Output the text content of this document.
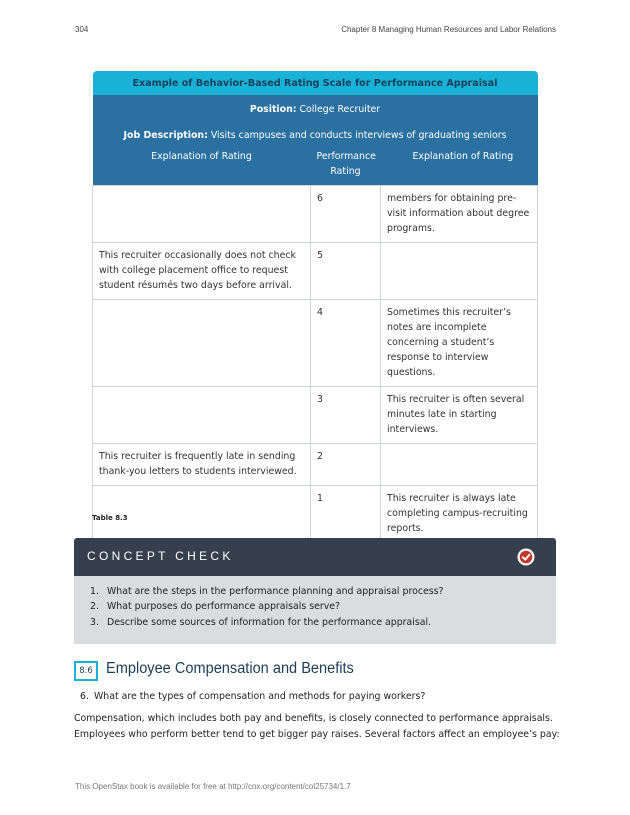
304	Chapter 8 Managing Human Resources and Labor Relations
Example of Behavior-Based Rating Scale for Performance Appraisal		
Position: College Recruiter		
Job Description: Visits campuses and conducts interviews of graduating seniors		
Explanation of Rating	Performance Rating	Explanation of Rating
	6	members for obtaining pre-visit information about degree programs.
This recruiter occasionally does not check with college placement office to request student résumés two days before arrival.	5	
	4	Sometimes this recruiter’s notes are incomplete concerning a student’s response to interview questions.
	3	This recruiter is often several minutes late in starting interviews.
This recruiter is frequently late in sending thank-you letters to students interviewed.	2	
	1	This recruiter is always late completing campus-recruiting reports.
Table 8.3
CONCEPT CHECK
1. What are the steps in the performance planning and appraisal process?
2. What purposes do performance appraisals serve?
3. Describe some sources of information for the performance appraisal.
8.6 Employee Compensation and Benefits
6. What are the types of compensation and methods for paying workers?

Compensation, which includes both pay and benefits, is closely connected to performance appraisals. Employees who perform better tend to get bigger pay raises. Several factors affect an employee’s pay:

This OpenStax book is available for free at http://cnx.org/content/col25734/1.7
